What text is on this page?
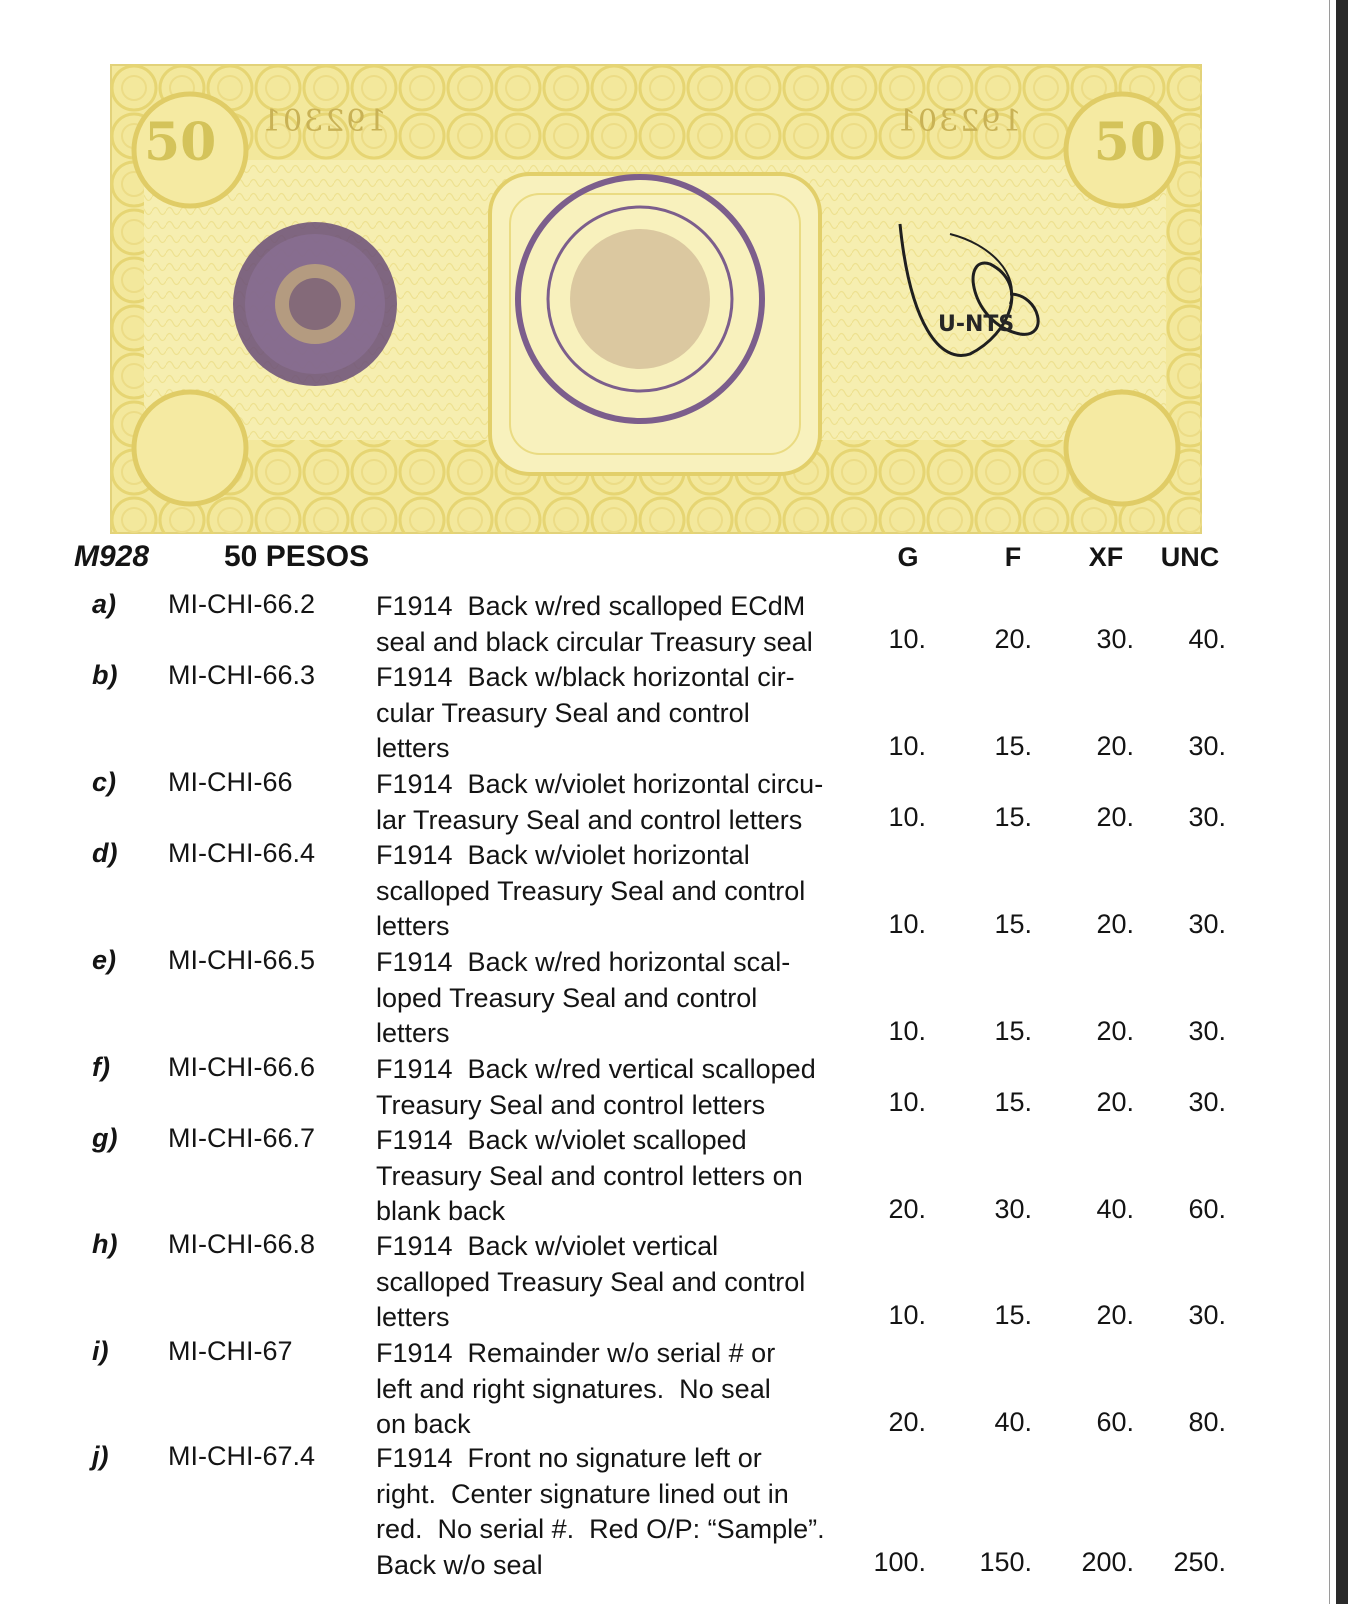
50	50
192301	192301
U-NTS
M928 50 PESOS	G	F	XF	UNC
a) MI-CHI-66.2 F1914  Back w/red scalloped ECdM
seal and black circular Treasury seal	10.	20.	30.	40.
b) MI-CHI-66.3 F1914  Back w/black horizontal cir-
cular Treasury Seal and control
letters	10.	15.	20.	30.
c) MI-CHI-66	F1914  Back w/violet horizontal circu-
lar Treasury Seal and control letters	10.	15.	20.	30.
d) MI-CHI-66.4 F1914  Back w/violet horizontal
scalloped Treasury Seal and control
letters	10.	15.	20.	30.
e) MI-CHI-66.5 F1914  Back w/red horizontal scal-
loped Treasury Seal and control
letters	10.	15.	20.	30.
f) MI-CHI-66.6 F1914  Back w/red vertical scalloped
Treasury Seal and control letters	10.	15.	20.	30.
g) MI-CHI-66.7 F1914  Back w/violet scalloped
Treasury Seal and control letters on
blank back	20.	30.	40.	60.
h) MI-CHI-66.8 F1914  Back w/violet vertical
scalloped Treasury Seal and control
letters	10.	15.	20.	30.
i) MI-CHI-67	F1914  Remainder w/o serial # or
left and right signatures.  No seal
on back	20.	40.	60.	80.
j) MI-CHI-67.4 F1914  Front no signature left or
right.  Center signature lined out in
red.  No serial #.  Red O/P: “Sample”.
Back w/o seal	100.	150.	200.	250.
